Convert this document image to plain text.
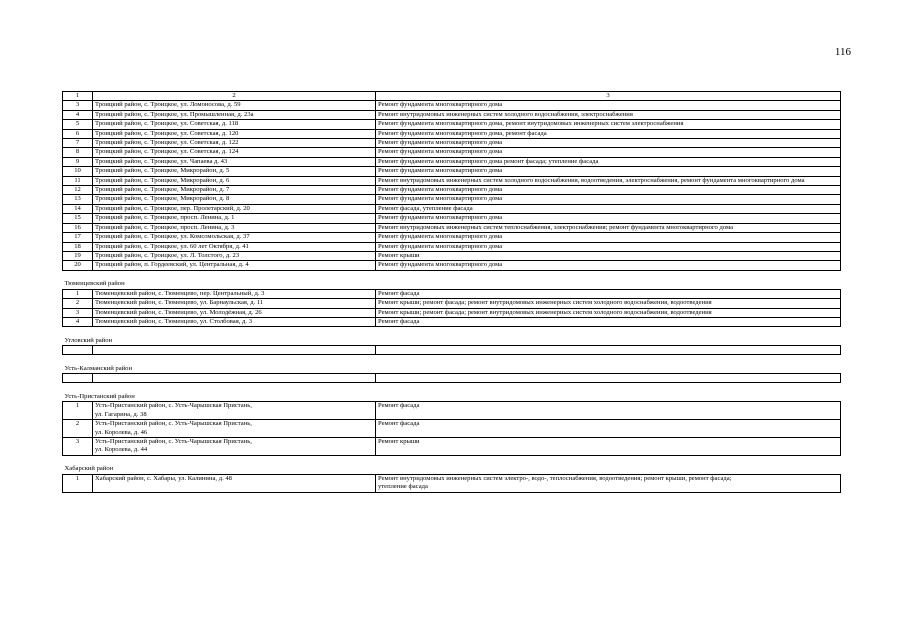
116
1	2	3
3	Троицкий район, с. Троицкое, ул. Ломоносова, д. 59	Ремонт фундамента многоквартирного дома
4	Троицкий район, с. Троицкое, ул. Промышленная, д. 23а	Ремонт внутридомовых инженерных систем холодного водоснабжения, электроснабжения
5	Троицкий район, с. Троицкое, ул. Советская, д. 118	Ремонт фундамента многоквартирного дома, ремонт внутридомовых инженерных систем электроснабжения
6	Троицкий район, с. Троицкое, ул. Советская, д. 120	Ремонт фундамента многоквартирного дома, ремонт фасада
7	Троицкий район, с. Троицкое, ул. Советская, д. 122	Ремонт фундамента многоквартирного дома
8	Троицкий район, с. Троицкое, ул. Советская, д. 124	Ремонт фундамента многоквартирного дома
9	Троицкий район, с. Троицкое, ул. Чапаева д. 43	Ремонт фундамента многоквартирного дома ремонт фасада; утепление фасада
10	Троицкий район, с. Троицкое, Микрорайон, д. 5	Ремонт фундамента многоквартирного дома
11	Троицкий район, с. Троицкое, Микрорайон, д. 6	Ремонт внутридомовых инженерных систем холодного водоснабжения, водоотведения, электроснабжения, ремонт фундамента многоквартирного дома
12	Троицкий район, с. Троицкое, Микрорайон, д. 7	Ремонт фундамента многоквартирного дома
13	Троицкий район, с. Троицкое, Микрорайон, д. 8	Ремонт фундамента многоквартирного дома
14	Троицкий район, с. Троицкое, пер. Пролетарский, д. 20	Ремонт фасада, утепление фасада
15	Троицкий район, с. Троицкое, просп. Ленина, д. 1	Ремонт фундамента многоквартирного дома
16	Троицкий район, с. Троицкое, просп. Ленина, д. 3	Ремонт внутридомовых инженерных систем теплоснабжения, электроснабжения; ремонт фундамента многоквартирного дома
17	Троицкий район, с. Троицкое, ул. Комсомольская, д. 37	Ремонт фундамента многоквартирного дома
18	Троицкий район, с. Троицкое, ул. 60 лет Октября, д. 41	Ремонт фундамента многоквартирного дома
19	Троицкий район, с. Троицкое, ул. Л. Толстого, д. 23	Ремонт крыши
20	Троицкий район, п. Гордеевский, ул. Центральная, д. 4	Ремонт фундамента многоквартирного дома
Тюменцевский район		
1	Тюменцевский район, с. Тюменцево, пер. Центральный, д. 3	Ремонт фасада
2	Тюменцевский район, с. Тюменцево, ул. Барнаульская, д. 11	Ремонт крыши; ремонт фасада; ремонт внутридомовых инженерных систем холодного водоснабжения, водоотведения
3	Тюменцевский район, с. Тюменцево, ул. Молодёжная, д. 26	Ремонт крыши; ремонт фасада; ремонт внутридомовых инженерных систем холодного водоснабжения, водоотведения
4	Тюменцевский район, с. Тюменцево, ул. Столбовая, д. 3	Ремонт фасада
Угловский район		

Усть-Калманский район		

Усть-Пристанский район		
1	Усть-Пристанский район, с. Усть-Чарышская Пристань,
ул. Гагарина, д. 38	Ремонт фасада
2	Усть-Пристанский район, с. Усть-Чарышская Пристань,
ул. Королева, д. 46	Ремонт фасада
3	Усть-Пристанский район, с. Усть-Чарышская Пристань,
ул. Королева, д. 44	Ремонт крыши
Хабарский район		
1	Хабарский район, с. Хабары, ул. Калинина, д. 48	Ремонт внутридомовых инженерных систем электро-, водо-, теплоснабжения, водоотведения; ремонт крыши, ремонт фасада;
утепление фасада
